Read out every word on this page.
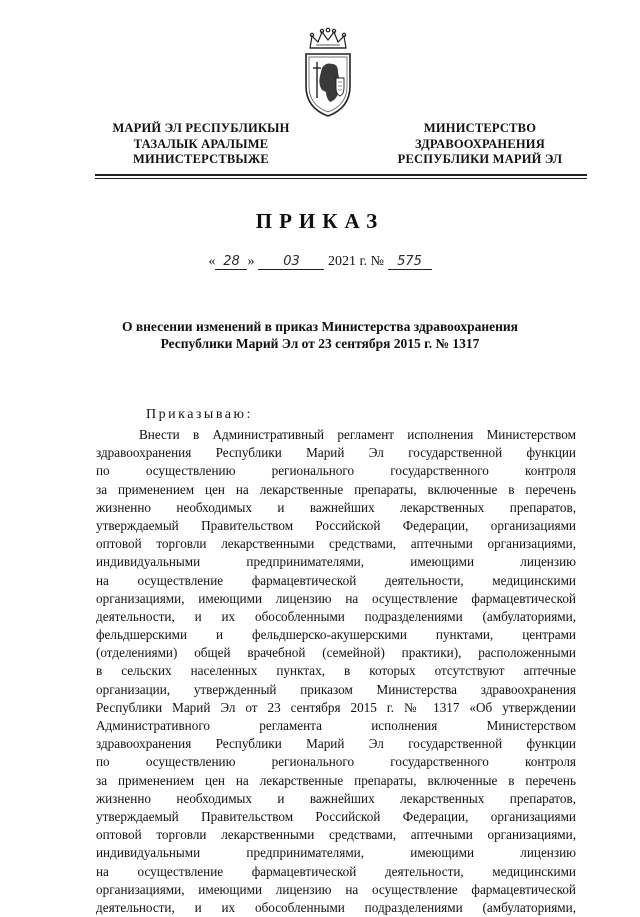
МАРИЙ ЭЛ РЕСПУБЛИКЫН
ТАЗАЛЫК АРАЛЫМЕ
МИНИСТЕРСТВЫЖЕ
МИНИСТЕРСТВО
ЗДРАВООХРАНЕНИЯ
РЕСПУБЛИКИ МАРИЙ ЭЛ
ПРИКАЗ
« 28 » 03 2021 г. № 575
О внесении изменений в приказ Министерства здравоохранения
Республики Марий Эл от 23 сентября 2015 г. № 1317
Приказываю:
Внести в Административный регламент исполнения Министерством
здравоохранения Республики Марий Эл государственной функции
по осуществлению регионального государственного контроля
за применением цен на лекарственные препараты, включенные в перечень
жизненно необходимых и важнейших лекарственных препаратов,
утверждаемый Правительством Российской Федерации, организациями
оптовой торговли лекарственными средствами, аптечными организациями,
индивидуальными предпринимателями, имеющими лицензию
на осуществление фармацевтической деятельности, медицинскими
организациями, имеющими лицензию на осуществление фармацевтической
деятельности, и их обособленными подразделениями (амбулаториями,
фельдшерскими и фельдшерско-акушерскими пунктами, центрами
(отделениями) общей врачебной (семейной) практики), расположенными
в сельских населенных пунктах, в которых отсутствуют аптечные
организации, утвержденный приказом Министерства здравоохранения
Республики Марий Эл от 23 сентября 2015 г. № 1317 «Об утверждении
Административного регламента исполнения Министерством
здравоохранения Республики Марий Эл государственной функции
по осуществлению регионального государственного контроля
за применением цен на лекарственные препараты, включенные в перечень
жизненно необходимых и важнейших лекарственных препаратов,
утверждаемый Правительством Российской Федерации, организациями
оптовой торговли лекарственными средствами, аптечными организациями,
индивидуальными предпринимателями, имеющими лицензию
на осуществление фармацевтической деятельности, медицинскими
организациями, имеющими лицензию на осуществление фармацевтической
деятельности, и их обособленными подразделениями (амбулаториями,
